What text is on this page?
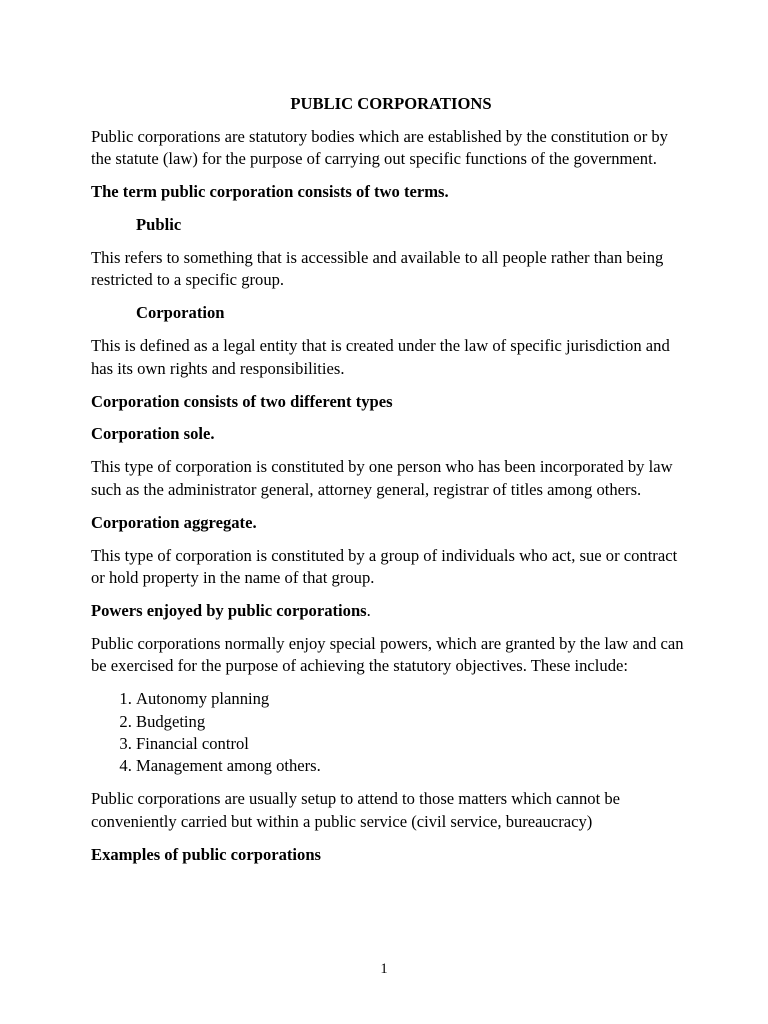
PUBLIC CORPORATIONS

Public corporations are statutory bodies which are established by the constitution or by the statute (law) for the purpose of carrying out specific functions of the government.

The term public corporation consists of two terms.

Public

This refers to something that is accessible and available to all people rather than being restricted to a specific group.

Corporation

This is defined as a legal entity that is created under the law of specific jurisdiction and has its own rights and responsibilities.

Corporation consists of two different types

Corporation sole.

This type of corporation is constituted by one person who has been incorporated by law such as the administrator general, attorney general, registrar of titles among others.

Corporation aggregate.

This type of corporation is constituted by a group of individuals who act, sue or contract or hold property in the name of that group.

Powers enjoyed by public corporations.

Public corporations normally enjoy special powers, which are granted by the law and can be exercised for the purpose of achieving the statutory objectives. These include:

1. Autonomy planning
2. Budgeting
3. Financial control
4. Management among others.

Public corporations are usually setup to attend to those matters which cannot be conveniently carried but within a public service (civil service, bureaucracy)

Examples of public corporations

1
